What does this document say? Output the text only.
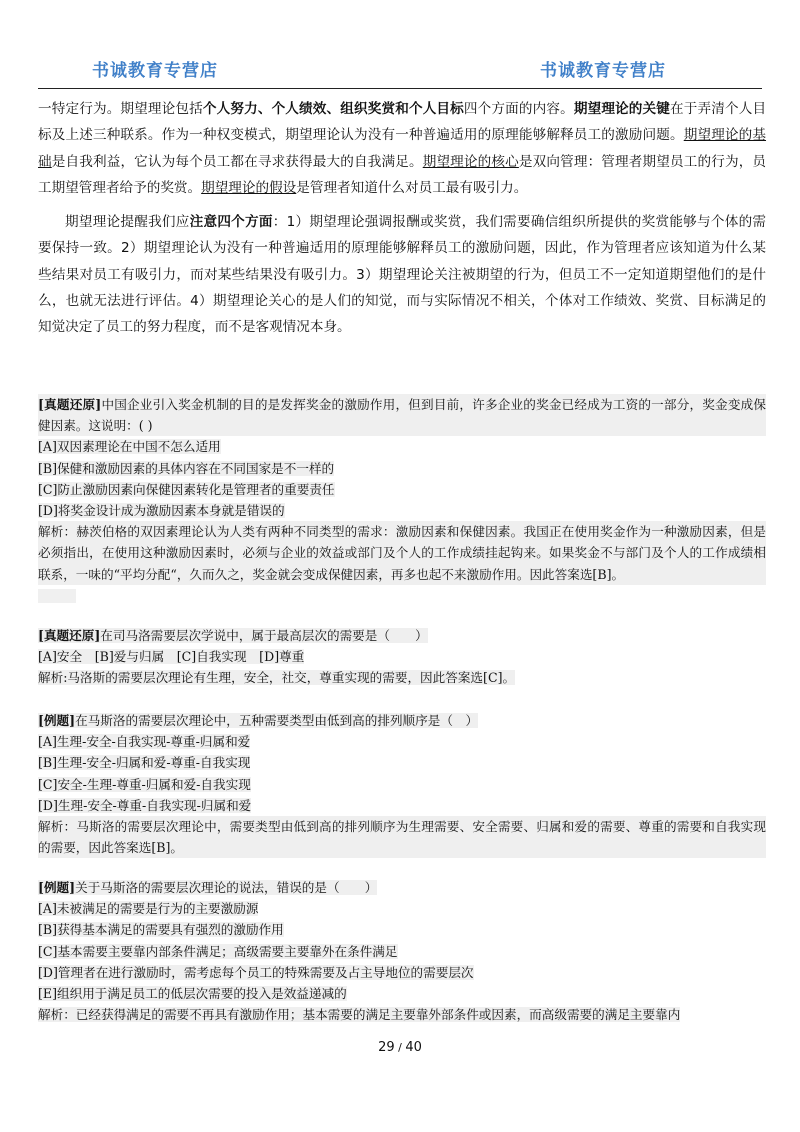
书诚教育专营店	书诚教育专营店

一特定行为。期望理论包括个人努力、个人绩效、组织奖赏和个人目标四个方面的内容。期望理论的关键在于弄清个人目标及上述三种联系。作为一种权变模式，期望理论认为没有一种普遍适用的原理能够解释员工的激励问题。期望理论的基础是自我利益，它认为每个员工都在寻求获得最大的自我满足。期望理论的核心是双向管理：管理者期望员工的行为，员工期望管理者给予的奖赏。期望理论的假设是管理者知道什么对员工最有吸引力。

期望理论提醒我们应注意四个方面：1）期望理论强调报酬或奖赏，我们需要确信组织所提供的奖赏能够与个体的需要保持一致。2）期望理论认为没有一种普遍适用的原理能够解释员工的激励问题，因此，作为管理者应该知道为什么某些结果对员工有吸引力，而对某些结果没有吸引力。3）期望理论关注被期望的行为，但员工不一定知道期望他们的是什么，也就无法进行评估。4）期望理论关心的是人们的知觉，而与实际情况不相关，个体对工作绩效、奖赏、目标满足的知觉决定了员工的努力程度，而不是客观情况本身。

[真题还原]中国企业引入奖金机制的目的是发挥奖金的激励作用，但到目前，许多企业的奖金已经成为工资的一部分，奖金变成保健因素。这说明：( )
[A]双因素理论在中国不怎么适用
[B]保健和激励因素的具体内容在不同国家是不一样的
[C]防止激励因素向保健因素转化是管理者的重要责任
[D]将奖金设计成为激励因素本身就是错误的
解析：赫茨伯格的双因素理论认为人类有两种不同类型的需求：激励因素和保健因素。我国正在使用奖金作为一种激励因素，但是必须指出，在使用这种激励因素时，必须与企业的效益或部门及个人的工作成绩挂起钩来。如果奖金不与部门及个人的工作成绩相联系，一味的“平均分配“，久而久之，奖金就会变成保健因素，再多也起不来激励作用。因此答案选[B]。
[真题还原]在司马洛需要层次学说中，属于最高层次的需要是（　　）
[A]安全　[B]爱与归属　[C]自我实现　[D]尊重
解析:马洛斯的需要层次理论有生理，安全，社交，尊重实现的需要，因此答案选[C]。
[例题]在马斯洛的需要层次理论中，五种需要类型由低到高的排列顺序是（　）
[A]生理-安全-自我实现-尊重-归属和爱
[B]生理-安全-归属和爱-尊重-自我实现
[C]安全-生理-尊重-归属和爱-自我实现
[D]生理-安全-尊重-自我实现-归属和爱
解析：马斯洛的需要层次理论中，需要类型由低到高的排列顺序为生理需要、安全需要、归属和爱的需要、尊重的需要和自我实现的需要，因此答案选[B]。
[例题]关于马斯洛的需要层次理论的说法，错误的是（　　）
[A]未被满足的需要是行为的主要激励源
[B]获得基本满足的需要具有强烈的激励作用
[C]基本需要主要靠内部条件满足；高级需要主要靠外在条件满足
[D]管理者在进行激励时，需考虑每个员工的特殊需要及占主导地位的需要层次
[E]组织用于满足员工的低层次需要的投入是效益递减的
解析：已经获得满足的需要不再具有激励作用；基本需要的满足主要靠外部条件或因素，而高级需要的满足主要靠内
29 / 40
